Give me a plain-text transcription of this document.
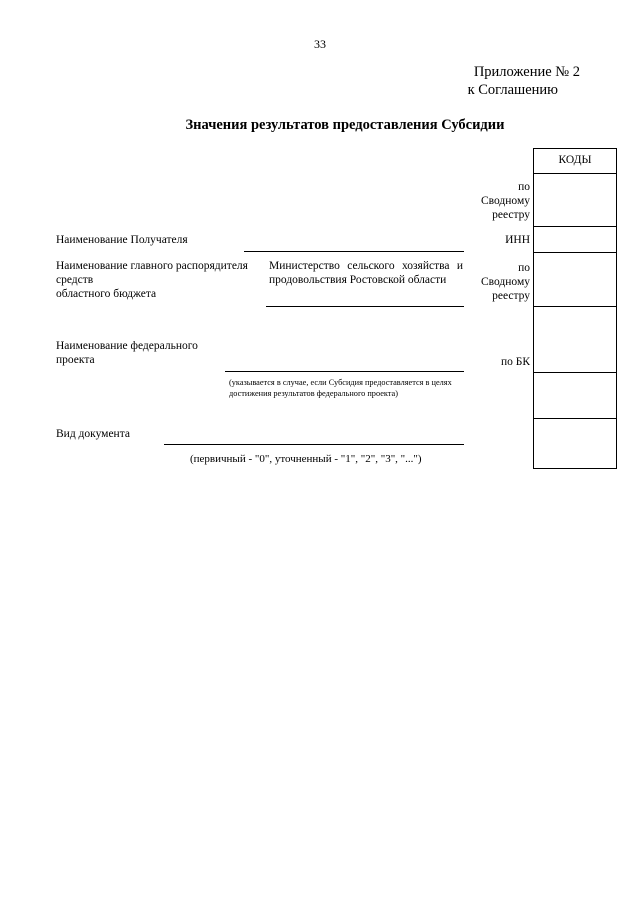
33
Приложение № 2
к Соглашению
Значения результатов предоставления Субсидии
Наименование Получателя
Наименование главного распорядителя
средств
областного бюджета
Министерство сельского хозяйства и
продовольствия Ростовской области
Наименование федерального
проекта
(указывается в случае, если Субсидия предоставляется в целях
достижения результатов федерального проекта)
Вид документа
(первичный - "0", уточненный - "1", "2", "3", "...")
по
Сводному
реестру
ИНН
по
Сводному
реестру
по БК
КОДЫ
